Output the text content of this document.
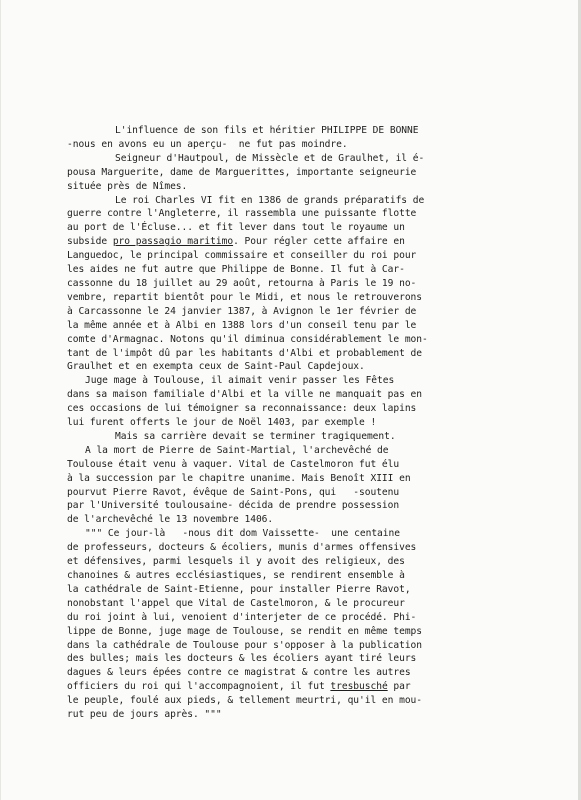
L'influence de son fils et héritier PHILIPPE DE BONNE
-nous en avons eu un aperçu-  ne fut pas moindre.
Seigneur d'Hautpoul, de Missècle et de Graulhet, il é-
pousa Marguerite, dame de Marguerittes, importante seigneurie
située près de Nîmes.
Le roi Charles VI fit en 1386 de grands préparatifs de
guerre contre l'Angleterre, il rassembla une puissante flotte
au port de l'Écluse... et fit lever dans tout le royaume un
subside pro passagio maritimo. Pour régler cette affaire en
Languedoc, le principal commissaire et conseiller du roi pour
les aides ne fut autre que Philippe de Bonne. Il fut à Car-
cassonne du 18 juillet au 29 août, retourna à Paris le 19 no-
vembre, repartit bientôt pour le Midi, et nous le retrouverons
à Carcassonne le 24 janvier 1387, à Avignon le 1er février de
la même année et à Albi en 1388 lors d'un conseil tenu par le
comte d'Armagnac. Notons qu'il diminua considérablement le mon-
tant de l'impôt dû par les habitants d'Albi et probablement de
Graulhet et en exempta ceux de Saint-Paul Capdejoux.
Juge mage à Toulouse, il aimait venir passer les Fêtes
dans sa maison familiale d'Albi et la ville ne manquait pas en
ces occasions de lui témoigner sa reconnaissance: deux lapins
lui furent offerts le jour de Noël 1403, par exemple !
Mais sa carrière devait se terminer tragiquement.
A la mort de Pierre de Saint-Martial, l'archevêché de
Toulouse était venu à vaquer. Vital de Castelmoron fut élu
à la succession par le chapitre unanime. Mais Benoît XIII en
pourvut Pierre Ravot, évêque de Saint-Pons, qui   -soutenu
par l'Université toulousaine- décida de prendre possession
de l'archevêché le 13 novembre 1406.
""" Ce jour-là   -nous dit dom Vaissette-  une centaine
de professeurs, docteurs & écoliers, munis d'armes offensives
et défensives, parmi lesquels il y avoit des religieux, des
chanoines & autres ecclésiastiques, se rendirent ensemble à
la cathédrale de Saint-Etienne, pour installer Pierre Ravot,
nonobstant l'appel que Vital de Castelmoron, & le procureur
du roi joint à lui, venoient d'interjeter de ce procédé. Phi-
lippe de Bonne, juge mage de Toulouse, se rendit en même temps
dans la cathédrale de Toulouse pour s'opposer à la publication
des bulles; mais les docteurs & les écoliers ayant tiré leurs
dagues & leurs épées contre ce magistrat & contre les autres
officiers du roi qui l'accompagnoient, il fut tresbusché par
le peuple, foulé aux pieds, & tellement meurtri, qu'il en mou-
rut peu de jours après. """
